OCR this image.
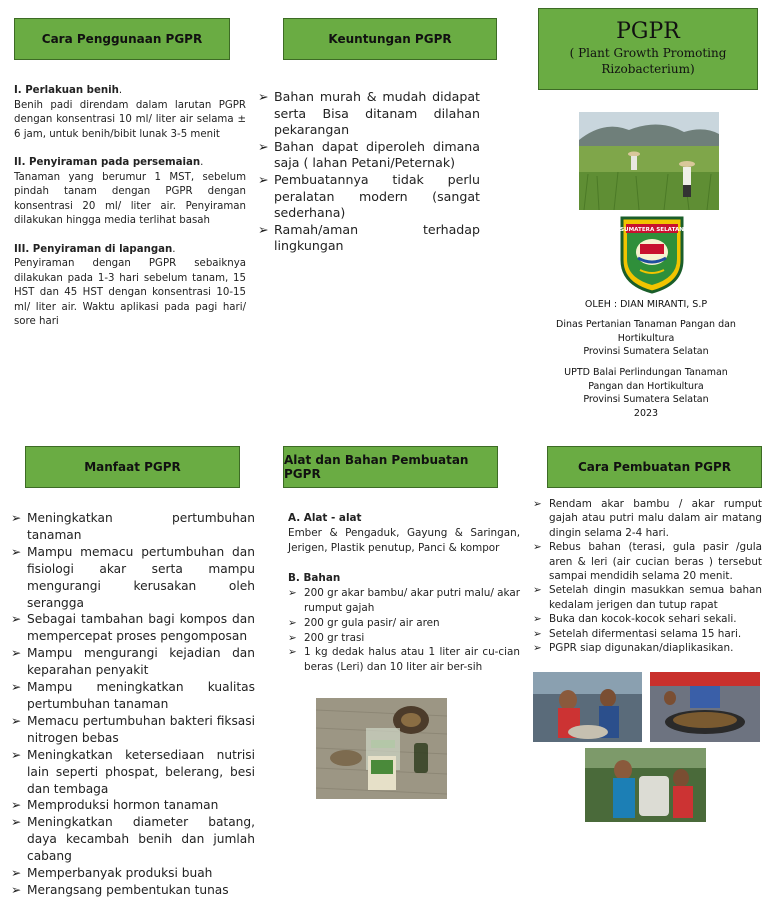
Cara Penggunaan PGPR

I. Perlakuan benih.

Benih padi direndam dalam larutan PGPR dengan konsentrasi 10 ml/ liter air selama ± 6 jam, untuk benih/bibit lunak 3-5 menit

II. Penyiraman pada persemaian.

Tanaman yang berumur 1 MST, sebelum pindah tanam dengan PGPR dengan konsentrasi 20 ml/ liter air. Penyiraman dilakukan hingga media terlihat basah

III. Penyiraman di lapangan.

Penyiraman dengan PGPR sebaiknya dilakukan pada 1-3 hari sebelum tanam, 15 HST dan 45 HST dengan konsentrasi 10-15 ml/ liter air. Waktu aplikasi pada pagi hari/ sore hari

Keuntungan PGPR
➢ Bahan murah & mudah didapat serta Bisa ditanam dilahan pekarangan
➢ Bahan dapat diperoleh dimana saja ( lahan Petani/Peternak)
➢ Pembuatannya tidak perlu peralatan modern (sangat sederhana)
➢ Ramah/aman terhadap lingkungan
PGPR
( Plant Growth Promoting Rizobacterium)
SUMATERA SELATAN
OLEH : DIAN MIRANTI, S.P
Dinas Pertanian Tanaman Pangan dan
Hortikultura
Provinsi Sumatera Selatan
UPTD Balai Perlindungan Tanaman
Pangan dan Hortikultura
Provinsi Sumatera Selatan
2023
Manfaat PGPR
➢ Meningkatkan pertumbuhan tanaman
➢ Mampu memacu pertumbuhan dan fisiologi akar serta mampu mengurangi kerusakan oleh serangga
➢ Sebagai tambahan bagi kompos dan mempercepat proses pengomposan
➢ Mampu mengurangi kejadian dan keparahan penyakit
➢ Mampu meningkatkan kualitas pertumbuhan tanaman
➢ Memacu pertumbuhan bakteri fiksasi nitrogen bebas
➢ Meningkatkan ketersediaan nutrisi lain seperti phospat, belerang, besi dan tembaga
➢ Memproduksi hormon tanaman
➢ Meningkatkan diameter batang, daya kecambah benih dan jumlah cabang
➢ Memperbanyak produksi buah
➢ Merangsang pembentukan tunas
Alat dan Bahan Pembuatan PGPR

A. Alat - alat

Ember & Pengaduk, Gayung & Saringan, Jerigen, Plastik penutup, Panci & kompor

B. Bahan

➢ 200 gr akar bambu/ akar putri malu/ akar rumput gajah
➢ 200 gr gula pasir/ air aren
➢ 200 gr trasi
➢ 1 kg dedak halus atau 1 liter air cu-cian beras (Leri) dan 10 liter air ber-sih
Cara Pembuatan PGPR
➢ Rendam akar bambu / akar rumput gajah atau putri malu dalam air matang dingin selama 2-4 hari.
➢ Rebus bahan (terasi, gula pasir /gula aren & leri (air cucian beras ) tersebut sampai mendidih selama 20 menit.
➢ Setelah dingin masukkan semua bahan kedalam jerigen dan tutup rapat
➢ Buka dan kocok-kocok sehari sekali.
➢ Setelah difermentasi selama 15 hari.
➢ PGPR siap digunakan/diaplikasikan.
